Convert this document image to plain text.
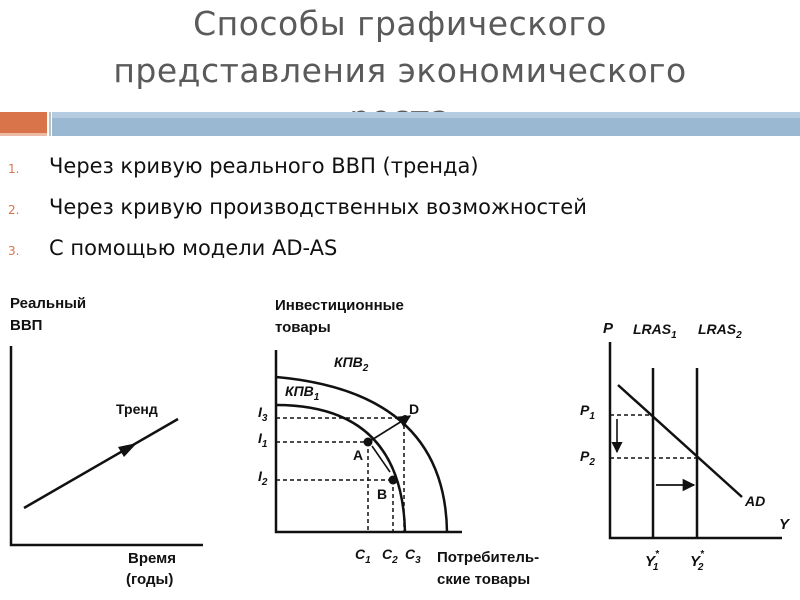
Способы графического
представления экономического
1. Через кривую реального ВВП (тренда)
2. Через кривую производственных возможностей
3. С помощью модели AD-AS
Реальный
ВВП
Тренд
Время
(годы)
Инвестиционные
товары
$КПВ_2$
$КПВ_1$
A
B
D
$I_3$
$I_1$
$I_2$
$C_1$ $C_2$ $C_3$ Потребитель-
ские товары
P
Y
$LRAS_1$ $LRAS_2$
AD
$P_1$
$P_2$
Y* 1 Y* 2
